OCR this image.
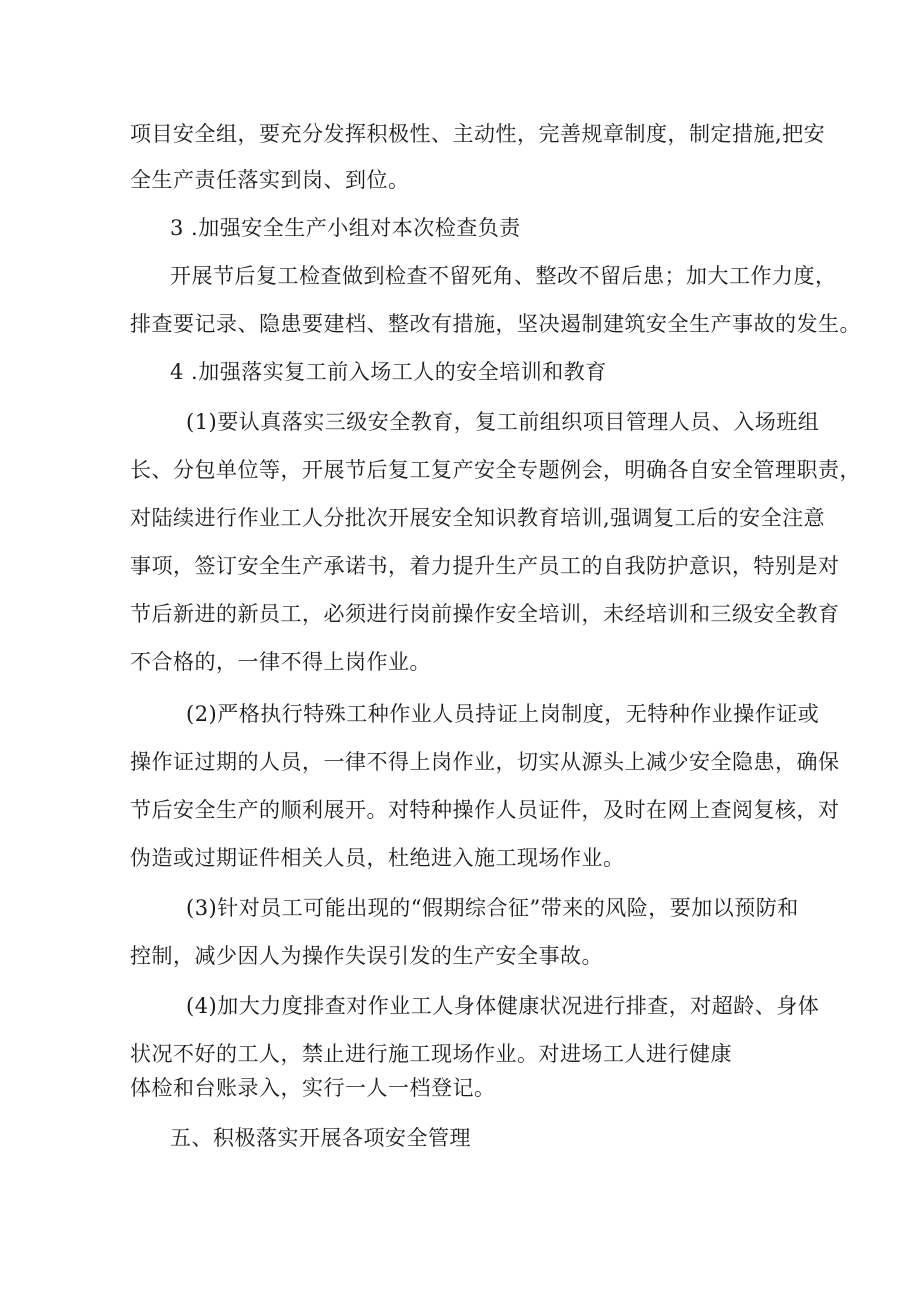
项目安全组，要充分发挥积极性、主动性，完善规章制度，制定措施,把安
全生产责任落实到岗、到位。
3 .加强安全生产小组对本次检查负责
开展节后复工检查做到检查不留死角、整改不留后患；加大工作力度，
排查要记录、隐患要建档、整改有措施，坚决遏制建筑安全生产事故的发生。
4 .加强落实复工前入场工人的安全培训和教育
(1)要认真落实三级安全教育，复工前组织项目管理人员、入场班组
长、分包单位等，开展节后复工复产安全专题例会，明确各自安全管理职责，
对陆续进行作业工人分批次开展安全知识教育培训,强调复工后的安全注意
事项，签订安全生产承诺书，着力提升生产员工的自我防护意识，特别是对
节后新进的新员工，必须进行岗前操作安全培训，未经培训和三级安全教育
不合格的，一律不得上岗作业。
(2)严格执行特殊工种作业人员持证上岗制度，无特种作业操作证或
操作证过期的人员，一律不得上岗作业，切实从源头上减少安全隐患，确保
节后安全生产的顺利展开。对特种操作人员证件，及时在网上查阅复核，对
伪造或过期证件相关人员，杜绝进入施工现场作业。
(3)针对员工可能出现的“假期综合征”带来的风险，要加以预防和
控制，减少因人为操作失误引发的生产安全事故。
(4)加大力度排查对作业工人身体健康状况进行排查，对超龄、身体
状况不好的工人，禁止进行施工现场作业。对进场工人进行健康
体检和台账录入，实行一人一档登记。
五、积极落实开展各项安全管理
